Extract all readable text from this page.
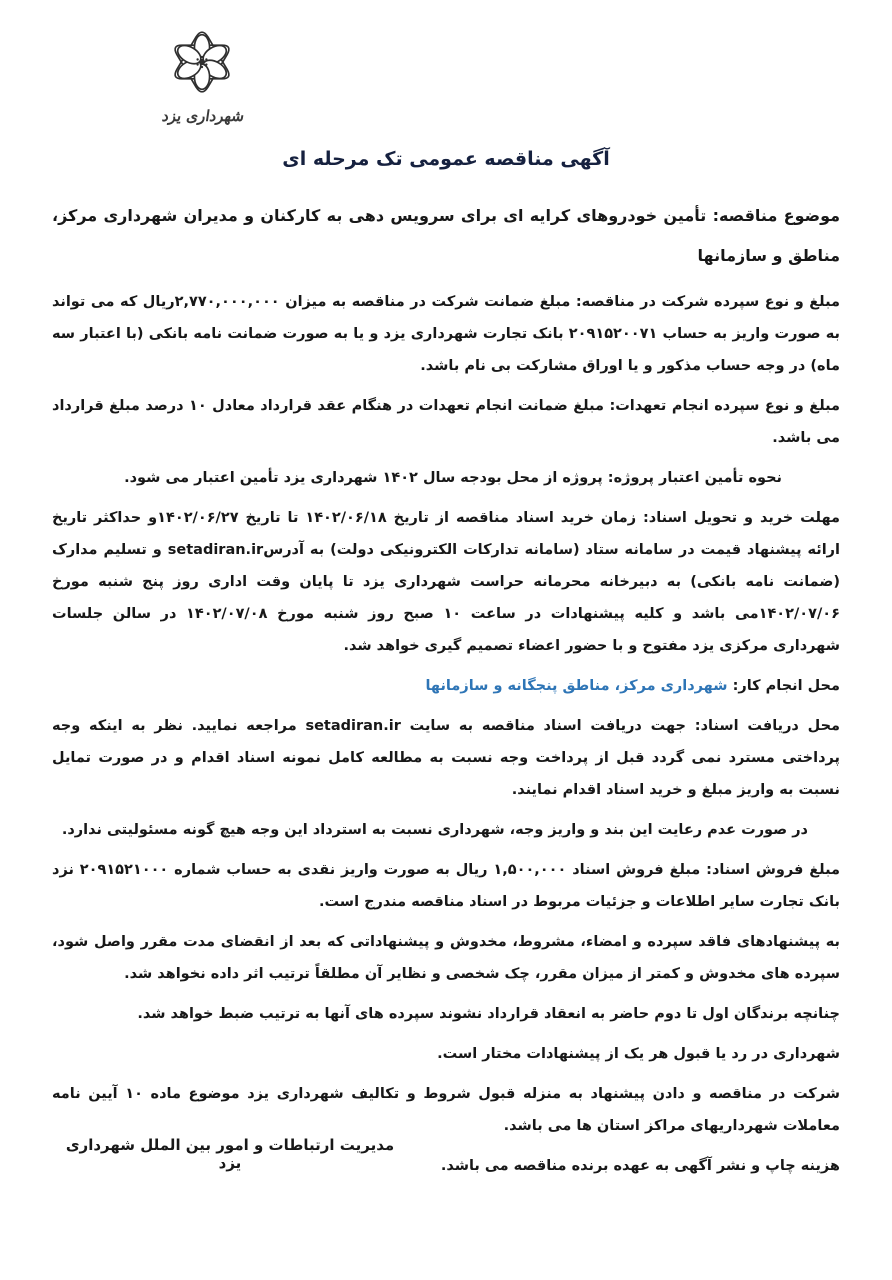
شهرداری یزد
آگهی مناقصه عمومی تک مرحله ای

موضوع مناقصه: تأمین خودروهای کرایه ای برای سرویس دهی به کارکنان و مدیران شهرداری مرکز، مناطق و سازمانها

مبلغ و نوع سپرده شرکت در مناقصه: مبلغ ضمانت شرکت در مناقصه به میزان ۲,۷۷۰,۰۰۰,۰۰۰ریال که می تواند به صورت واریز به حساب ۲۰۹۱۵۲۰۰۷۱ بانک تجارت شهرداری یزد و یا به صورت ضمانت نامه بانکی (با اعتبار سه ماه) در وجه حساب مذکور و یا اوراق مشارکت بی نام باشد.

مبلغ و نوع سپرده انجام تعهدات: مبلغ ضمانت انجام تعهدات در هنگام عقد قرارداد معادل ۱۰ درصد مبلغ قرارداد می باشد.

نحوه تأمین اعتبار پروژه: پروژه از محل بودجه سال ۱۴۰۲ شهرداری یزد تأمین اعتبار می شود.

مهلت خرید و تحویل اسناد: زمان خرید اسناد مناقصه از تاریخ ۱۴۰۲/۰۶/۱۸ تا تاریخ ۱۴۰۲/۰۶/۲۷و حداکثر تاریخ ارائه پیشنهاد قیمت در سامانه ستاد (سامانه تدارکات الکترونیکی دولت) به آدرسsetadiran.ir و تسلیم مدارک (ضمانت نامه بانکی) به دبیرخانه محرمانه حراست شهرداری یزد تا پایان وقت اداری روز پنج شنبه مورخ ۱۴۰۲/۰۷/۰۶می باشد و کلیه پیشنهادات در ساعت ۱۰ صبح روز شنبه مورخ ۱۴۰۲/۰۷/۰۸ در سالن جلسات شهرداری مرکزی یزد مفتوح و با حضور اعضاء تصمیم گیری خواهد شد.

محل انجام کار: شهرداری مرکز، مناطق پنجگانه و سازمانها

محل دریافت اسناد: جهت دریافت اسناد مناقصه به سایت setadiran.ir مراجعه نمایید. نظر به اینکه وجه پرداختی مسترد نمی گردد قبل از پرداخت وجه نسبت به مطالعه کامل نمونه اسناد اقدام و در صورت تمایل نسبت به واریز مبلغ و خرید اسناد اقدام نمایند.

در صورت عدم رعایت این بند و واریز وجه، شهرداری نسبت به استرداد این وجه هیچ گونه مسئولیتی ندارد.

مبلغ فروش اسناد: مبلغ فروش اسناد ۱,۵۰۰,۰۰۰ ریال به صورت واریز نقدی به حساب شماره ۲۰۹۱۵۲۱۰۰۰ نزد بانک تجارت سایر اطلاعات و جزئیات مربوط در اسناد مناقصه مندرج است.

به پیشنهادهای فاقد سپرده و امضاء، مشروط، مخدوش و پیشنهاداتی که بعد از انقضای مدت مقرر واصل شود، سپرده های مخدوش و کمتر از میزان مقرر، چک شخصی و نظایر آن مطلقاً ترتیب اثر داده نخواهد شد.

چنانچه برندگان اول تا دوم حاضر به انعقاد قرارداد نشوند سپرده های آنها به ترتیب ضبط خواهد شد.

شهرداری در رد یا قبول هر یک از پیشنهادات مختار است.

شرکت در مناقصه و دادن پیشنهاد به منزله قبول شروط و تکالیف شهرداری یزد موضوع ماده ۱۰ آیین نامه معاملات شهرداریهای مراکز استان ها می باشد.

هزینه چاپ و نشر آگهی به عهده برنده مناقصه می باشد.

مدیریت ارتباطات و امور بین الملل شهرداری یزد
